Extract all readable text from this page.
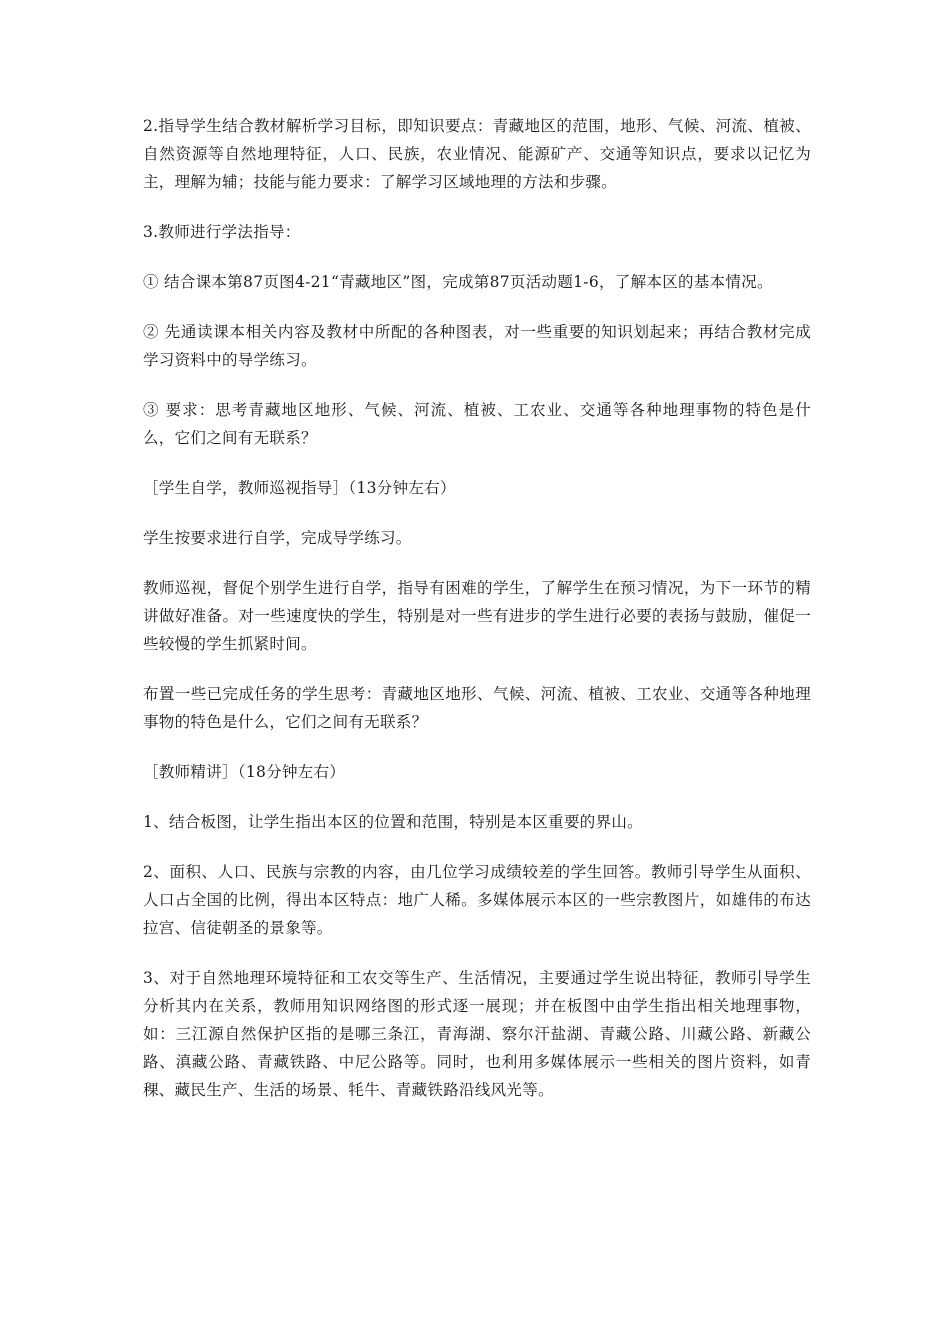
2.指导学生结合教材解析学习目标，即知识要点：青藏地区的范围，地形、气候、河流、植被、自然资源等自然地理特征，人口、民族，农业情况、能源矿产、交通等知识点，要求以记忆为主，理解为辅；技能与能力要求：了解学习区域地理的方法和步骤。

3.教师进行学法指导：

① 结合课本第87页图4-21“青藏地区”图，完成第87页活动题1-6，了解本区的基本情况。

② 先通读课本相关内容及教材中所配的各种图表，对一些重要的知识划起来；再结合教材完成学习资料中的导学练习。

③ 要求：思考青藏地区地形、气候、河流、植被、工农业、交通等各种地理事物的特色是什么，它们之间有无联系？

［学生自学，教师巡视指导］（13分钟左右）

学生按要求进行自学，完成导学练习。

教师巡视，督促个别学生进行自学，指导有困难的学生，了解学生在预习情况，为下一环节的精讲做好准备。对一些速度快的学生，特别是对一些有进步的学生进行必要的表扬与鼓励，催促一些较慢的学生抓紧时间。

布置一些已完成任务的学生思考：青藏地区地形、气候、河流、植被、工农业、交通等各种地理事物的特色是什么，它们之间有无联系？

［教师精讲］（18分钟左右）

1、结合板图，让学生指出本区的位置和范围，特别是本区重要的界山。

2、面积、人口、民族与宗教的内容，由几位学习成绩较差的学生回答。教师引导学生从面积、人口占全国的比例，得出本区特点：地广人稀。多媒体展示本区的一些宗教图片，如雄伟的布达拉宫、信徒朝圣的景象等。

3、对于自然地理环境特征和工农交等生产、生活情况，主要通过学生说出特征，教师引导学生分析其内在关系，教师用知识网络图的形式逐一展现；并在板图中由学生指出相关地理事物，如：三江源自然保护区指的是哪三条江，青海湖、察尔汗盐湖、青藏公路、川藏公路、新藏公路、滇藏公路、青藏铁路、中尼公路等。同时，也利用多媒体展示一些相关的图片资料，如青稞、藏民生产、生活的场景、牦牛、青藏铁路沿线风光等。
